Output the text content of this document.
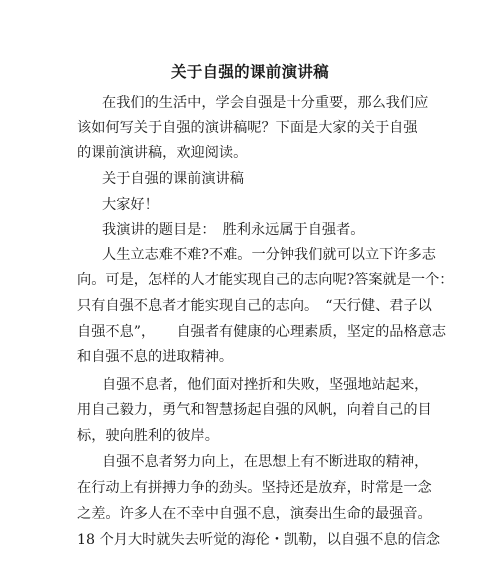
关于自强的课前演讲稿
在我们的生活中，学会自强是十分重要，那么我们应
该如何写关于自强的演讲稿呢？下面是大家的关于自强
的课前演讲稿，欢迎阅读。
关于自强的课前演讲稿
大家好！
我演讲的题目是：　胜利永远属于自强者。
人生立志难不难?不难。一分钟我们就可以立下许多志
向。可是，怎样的人才能实现自己的志向呢?答案就是一个：
只有自强不息者才能实现自己的志向。　“天行健、君子以
自强不息”，　　自强者有健康的心理素质，坚定的品格意志
和自强不息的进取精神。
自强不息者，他们面对挫折和失败，坚强地站起来，
用自己毅力，勇气和智慧扬起自强的风帆，向着自己的目
标，驶向胜利的彼岸。
自强不息者努力向上，在思想上有不断进取的精神，
在行动上有拼搏力争的劲头。坚持还是放弃，时常是一念
之差。许多人在不幸中自强不息，演奏出生命的最强音。
18 个月大时就失去听觉的海伦・凯勒，以自强不息的信念
